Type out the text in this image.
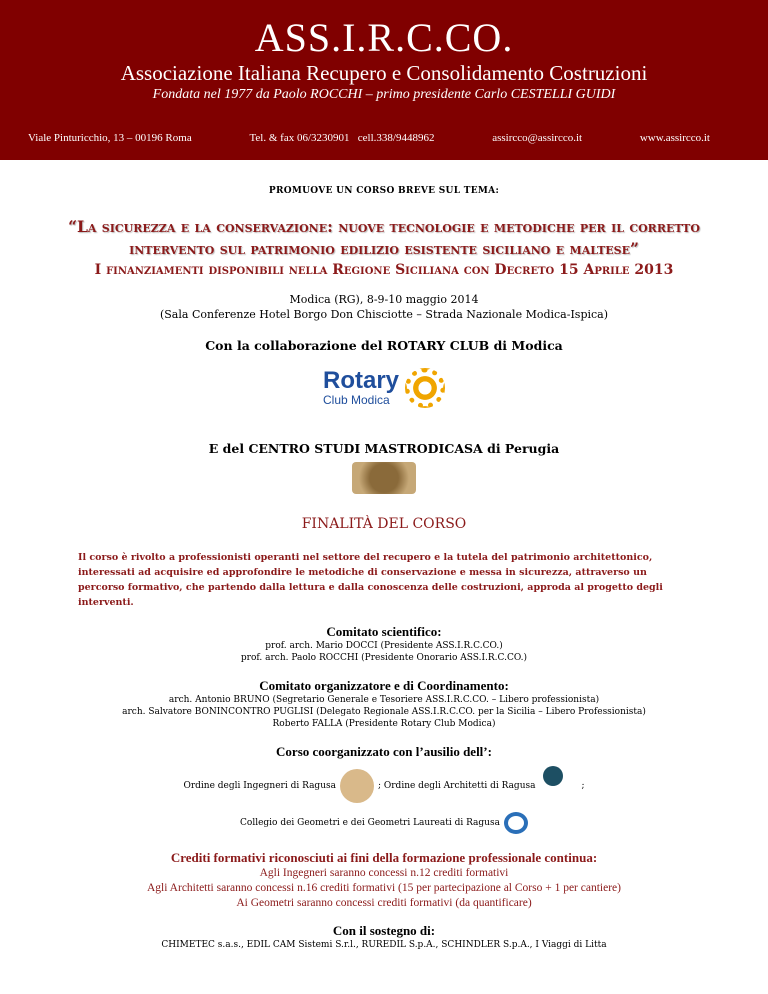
ASS.I.R.C.CO.
Associazione Italiana Recupero e Consolidamento Costruzioni
Fondata nel 1977 da Paolo ROCCHI – primo presidente Carlo CESTELLI GUIDI
Viale Pinturicchio, 13 – 00196 Roma	Tel. & fax 06/3230901 cell.338/9448962	assircco@assircco.it	www.assircco.it
PROMUOVE UN CORSO BREVE SUL TEMA:
“La sicurezza e la conservazione: nuove tecnologie e metodiche per il corretto intervento sul patrimonio edilizio esistente siciliano e maltese”
I finanziamenti disponibili nella Regione Siciliana con Decreto 15 Aprile 2013
Modica (RG), 8-9-10 maggio 2014
(Sala Conferenze Hotel Borgo Don Chisciotte – Strada Nazionale Modica-Ispica)
Con la collaborazione del ROTARY CLUB di Modica
Rotary
Club Modica
E del CENTRO STUDI MASTRODICASA di Perugia
FINALITÀ DEL CORSO
Il corso è rivolto a professionisti operanti nel settore del recupero e la tutela del patrimonio architettonico, interessati ad acquisire ed approfondire le metodiche di conservazione e messa in sicurezza, attraverso un percorso formativo, che partendo dalla lettura e dalla conoscenza delle costruzioni, approda al progetto degli interventi.
Comitato scientifico:
prof. arch. Mario DOCCI (Presidente ASS.I.R.C.CO.)
prof. arch. Paolo ROCCHI (Presidente Onorario ASS.I.R.C.CO.)
Comitato organizzatore e di Coordinamento:
arch. Antonio BRUNO (Segretario Generale e Tesoriere ASS.I.R.C.CO. – Libero professionista)
arch. Salvatore BONINCONTRO PUGLISI (Delegato Regionale ASS.I.R.C.CO. per la Sicilia – Libero Professionista)
Roberto FALLA (Presidente Rotary Club Modica)
Corso coorganizzato con l’ausilio dell’:
Ordine degli Ingegneri di Ragusa	; Ordine degli Architetti di Ragusa	;
Collegio dei Geometri e dei Geometri Laureati di Ragusa
Crediti formativi riconosciuti ai fini della formazione professionale continua:
Agli Ingegneri saranno concessi n.12 crediti formativi
Agli Architetti saranno concessi n.16 crediti formativi (15 per partecipazione al Corso + 1 per cantiere)
Ai Geometri saranno concessi crediti formativi (da quantificare)
Con il sostegno di:
CHIMETEC s.a.s., EDIL CAM Sistemi S.r.l., RUREDIL S.p.A., SCHINDLER S.p.A., I Viaggi di Litta
